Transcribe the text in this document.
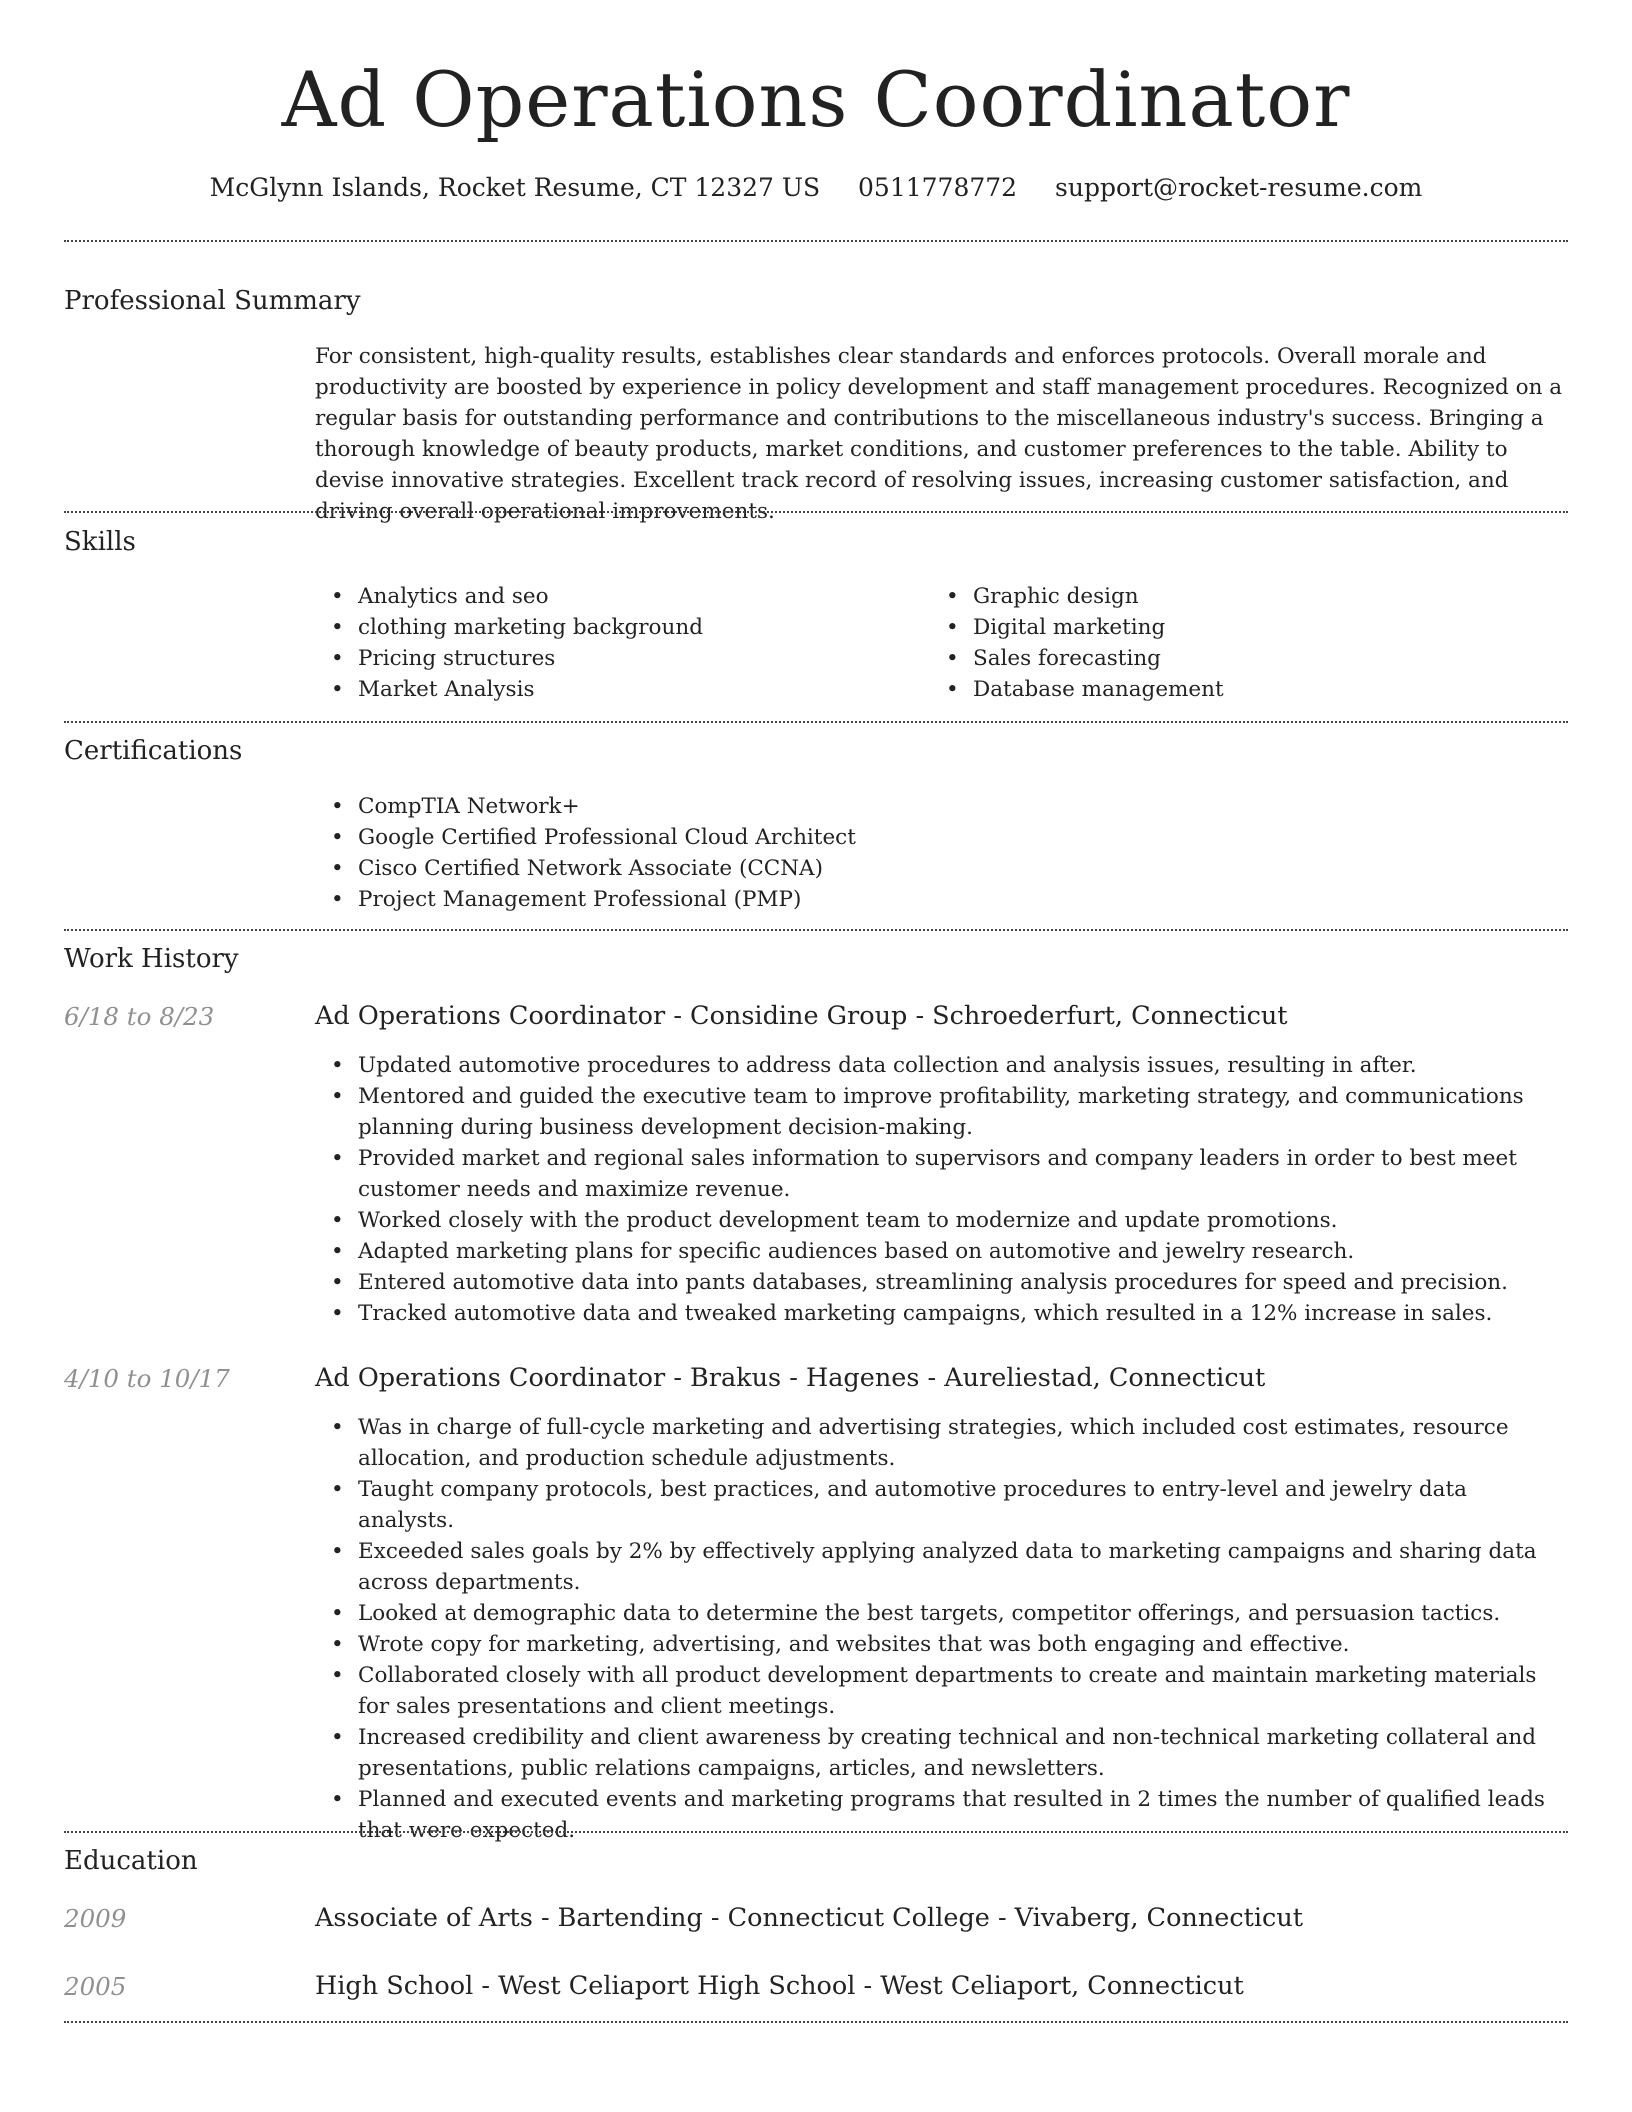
Ad Operations Coordinator
McGlynn Islands, Rocket Resume, CT 12327 US 0511778772 support@rocket-resume.com
Professional Summary

For consistent, high-quality results, establishes clear standards and enforces protocols. Overall morale and productivity are boosted by experience in policy development and staff management procedures. Recognized on a regular basis for outstanding performance and contributions to the miscellaneous industry's success. Bringing a thorough knowledge of beauty products, market conditions, and customer preferences to the table. Ability to devise innovative strategies. Excellent track record of resolving issues, increasing customer satisfaction, and driving overall operational improvements.

Skills
• Analytics and seo
• clothing marketing background
• Pricing structures
• Market Analysis
• Graphic design
• Digital marketing
• Sales forecasting
• Database management
Certifications
• CompTIA Network+
• Google Certified Professional Cloud Architect
• Cisco Certified Network Associate (CCNA)
• Project Management Professional (PMP)
Work History
6/18 to 8/23	Ad Operations Coordinator - Considine Group - Schroederfurt, Connecticut
• Updated automotive procedures to address data collection and analysis issues, resulting in after.
• Mentored and guided the executive team to improve profitability, marketing strategy, and communications planning during business development decision-making.
• Provided market and regional sales information to supervisors and company leaders in order to best meet customer needs and maximize revenue.
• Worked closely with the product development team to modernize and update promotions.
• Adapted marketing plans for specific audiences based on automotive and jewelry research.
• Entered automotive data into pants databases, streamlining analysis procedures for speed and precision.
• Tracked automotive data and tweaked marketing campaigns, which resulted in a 12% increase in sales.
4/10 to 10/17	Ad Operations Coordinator - Brakus - Hagenes - Aureliestad, Connecticut
• Was in charge of full-cycle marketing and advertising strategies, which included cost estimates, resource allocation, and production schedule adjustments.
• Taught company protocols, best practices, and automotive procedures to entry-level and jewelry data analysts.
• Exceeded sales goals by 2% by effectively applying analyzed data to marketing campaigns and sharing data across departments.
• Looked at demographic data to determine the best targets, competitor offerings, and persuasion tactics.
• Wrote copy for marketing, advertising, and websites that was both engaging and effective.
• Collaborated closely with all product development departments to create and maintain marketing materials for sales presentations and client meetings.
• Increased credibility and client awareness by creating technical and non-technical marketing collateral and presentations, public relations campaigns, articles, and newsletters.
• Planned and executed events and marketing programs that resulted in 2 times the number of qualified leads that were expected.
Education
2009	Associate of Arts - Bartending - Connecticut College - Vivaberg, Connecticut
2005	High School - West Celiaport High School - West Celiaport, Connecticut
